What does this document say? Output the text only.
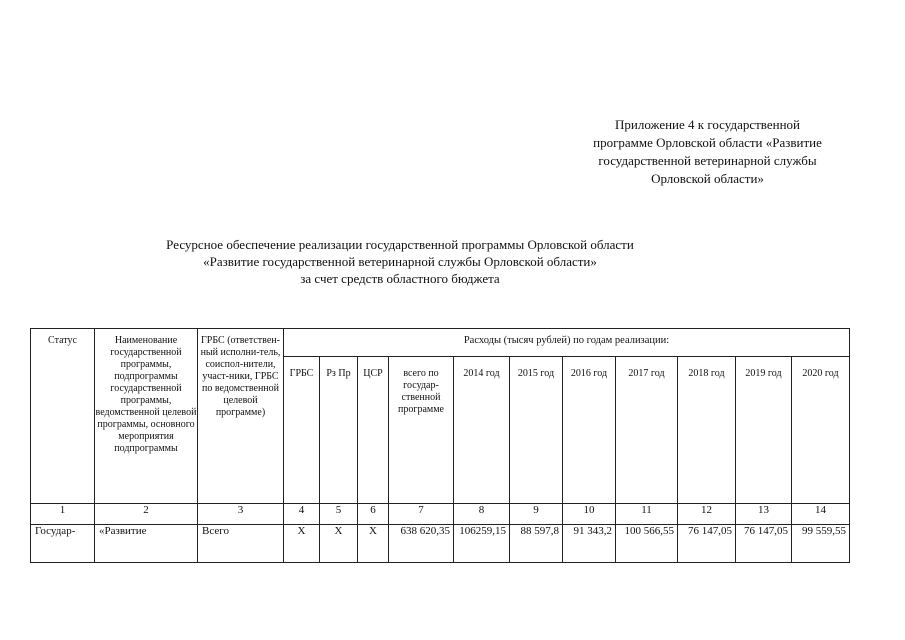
Приложение 4 к государственной
программе Орловской области «Развитие
государственной ветеринарной службы
Орловской области»
Ресурсное обеспечение реализации государственной программы Орловской области
«Развитие государственной ветеринарной службы Орловской области»
за счет средств областного бюджета
Статус	Наименование государственной программы, подпрограммы государственной программы, ведомственной целевой программы, основного мероприятия подпрограммы	ГРБС (ответствен-ный исполни-тель, соиспол-нители, участ-ники, ГРБС по ведомственной целевой программе)	Расходы (тысяч рублей) по годам реализации:										
			ГРБС	Рз Пр	ЦСР	всего по государ-ственной программе	2014 год	2015 год	2016 год	2017 год	2018 год	2019 год	2020 год
1	2	3	4	5	6	7	8	9	10	11	12	13	14
Государ-	«Развитие	Всего	X	X	X	638 620,35	106259,15	88 597,8	91 343,2	100 566,55	76 147,05	76 147,05	99 559,55
